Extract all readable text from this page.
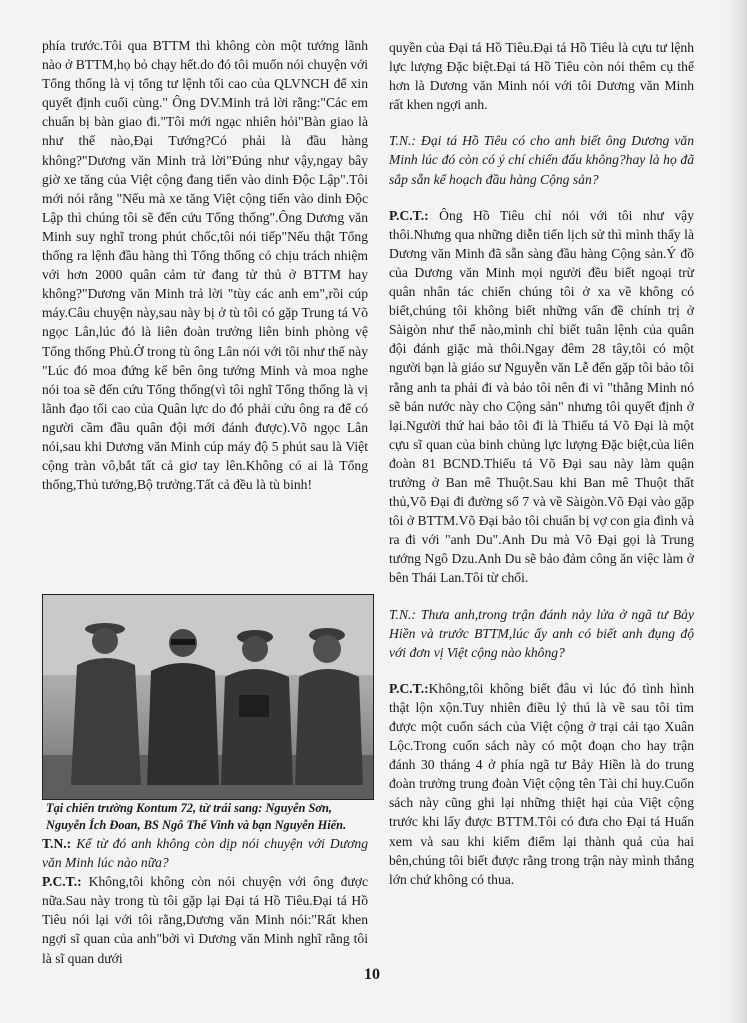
phía trước.Tôi qua BTTM thì không còn một tướng lãnh nào ở BTTM,họ bỏ chạy hết.do đó tôi muốn nói chuyện với Tổng thống là vị tổng tư lệnh tối cao của QLVNCH để xin quyết định cuối cùng." Ông DV.Minh trả lời rằng:"Các em chuẩn bị bàn giao đi."Tôi mới ngạc nhiên hỏi"Bàn giao là như thế nào,Đại Tướng?Có phải là đầu hàng không?"Dương văn Minh trả lời"Đúng như vậy,ngay bây giờ xe tăng của Việt cộng đang tiến vào dinh Độc Lập".Tôi mới nói rằng "Nếu mà xe tăng Việt cộng tiến vào dinh Độc Lập thì chúng tôi sẽ đến cứu Tổng thống".Ông Dương văn Minh suy nghĩ trong phút chốc,tôi nói tiếp"Nếu thật Tổng thống ra lệnh đầu hàng thì Tổng thống có chịu trách nhiệm với hơn 2000 quân cảm tử đang tử thủ ở BTTM hay không?"Dương văn Minh trả lời "tùy các anh em",rồi cúp máy.Câu chuyện này,sau này bị ở tù tôi có gặp Trung tá Võ ngọc Lân,lúc đó là liên đoàn trưởng liên binh phòng vệ Tổng thống Phủ.Ở trong tù ông Lân nói với tôi như thế này "Lúc đó moa đứng kế bên ông tướng Minh và moa nghe nói toa sẽ đến cứu Tổng thống(vì tôi nghĩ Tổng thống là vị lãnh đạo tối cao của Quân lực do đó phải cứu ông ra để có người cầm đầu quân đội mới đánh được).Võ ngọc Lân nói,sau khi Dương văn Minh cúp máy độ 5 phút sau là Việt cộng tràn vô,bắt tất cả giơ tay lên.Không có ai là Tổng thống,Thủ tướng,Bộ trưởng.Tất cả đều là tù binh!

Tại chiến trường Kontum 72, từ trái sang: Nguyễn Sơn, Nguyễn Ích Đoan, BS Ngô Thế Vinh và bạn Nguyễn Hiển.

T.N.: Kể từ đó anh không còn dịp nói chuyện với Dương văn Minh lúc nào nữa?

P.C.T.: Không,tôi không còn nói chuyện với ông được nữa.Sau này trong tù tôi gặp lại Đại tá Hồ Tiêu.Đại tá Hồ Tiêu nói lại với tôi rằng,Dương văn Minh nói:"Rất khen ngợi sĩ quan của anh"bởi vì Dương văn Minh nghĩ rằng tôi là sĩ quan dưới

quyền của Đại tá Hồ Tiêu.Đại tá Hồ Tiêu là cựu tư lệnh lực lượng Đặc biệt.Đại tá Hồ Tiêu còn nói thêm cụ thể hơn là Dương văn Minh nói với tôi Dương văn Minh rất khen ngợi anh.

T.N.: Đại tá Hồ Tiêu có cho anh biết ông Dương văn Minh lúc đó còn có ý chí chiến đấu không?hay là họ đã sắp sẵn kế hoạch đầu hàng Cộng sản?

P.C.T.: Ông Hồ Tiêu chỉ nói với tôi như vậy thôi.Nhưng qua những diễn tiến lịch sử thì mình thấy là Dương văn Minh đã sẵn sàng đầu hàng Cộng sản.Ý đồ của Dương văn Minh mọi người đều biết ngoại trừ quân nhân tác chiến chúng tôi ở xa về không có biết,chúng tôi không biết những vấn đề chính trị ở Sàigòn như thế nào,mình chỉ biết tuân lệnh của quân đội đánh giặc mà thôi.Ngay đêm 28 tây,tôi có một người bạn là giáo sư Nguyễn văn Lễ đến gặp tôi bảo tôi rằng anh ta phải đi và bảo tôi nên đi vì "thằng Minh nó sẽ bán nước này cho Cộng sản" nhưng tôi quyết định ở lại.Người thứ hai bảo tôi đi là Thiếu tá Võ Đại là một cựu sĩ quan của binh chủng lực lượng Đặc biệt,của liên đoàn 81 BCND.Thiếu tá Võ Đại sau này làm quận trưởng ở Ban mê Thuột.Sau khi Ban mê Thuột thất thủ,Võ Đại đi đường số 7 và về Sàigòn.Võ Đại vào gặp tôi ở BTTM.Võ Đại bảo tôi chuẩn bị vợ con gia đình và ra đi với "anh Du".Anh Du mà Võ Đại gọi là Trung tướng Ngô Dzu.Anh Du sẽ bảo đảm công ăn việc làm ở bên Thái Lan.Tôi từ chối.

T.N.: Thưa anh,trong trận đánh nảy lửa ở ngã tư Bảy Hiền và trước BTTM,lúc ấy anh có biết anh đụng độ với đơn vị Việt cộng nào không?

P.C.T.:Không,tôi không biết đâu vì lúc đó tình hình thật lộn xộn.Tuy nhiên điều lý thú là về sau tôi tìm được một cuốn sách của Việt cộng ở trại cải tạo Xuân Lộc.Trong cuốn sách này có một đoạn cho hay trận đánh 30 tháng 4 ở phía ngã tư Bảy Hiền là do trung đoàn trưởng trung đoàn Việt cộng tên Tài chỉ huy.Cuốn sách này cũng ghi lại những thiệt hại của Việt cộng trước khi lấy được BTTM.Tôi có đưa cho Đại tá Huấn xem và sau khi kiểm điểm lại thành quả của hai bên,chúng tôi biết được rằng trong trận này mình thắng lớn chứ không có thua.

10
